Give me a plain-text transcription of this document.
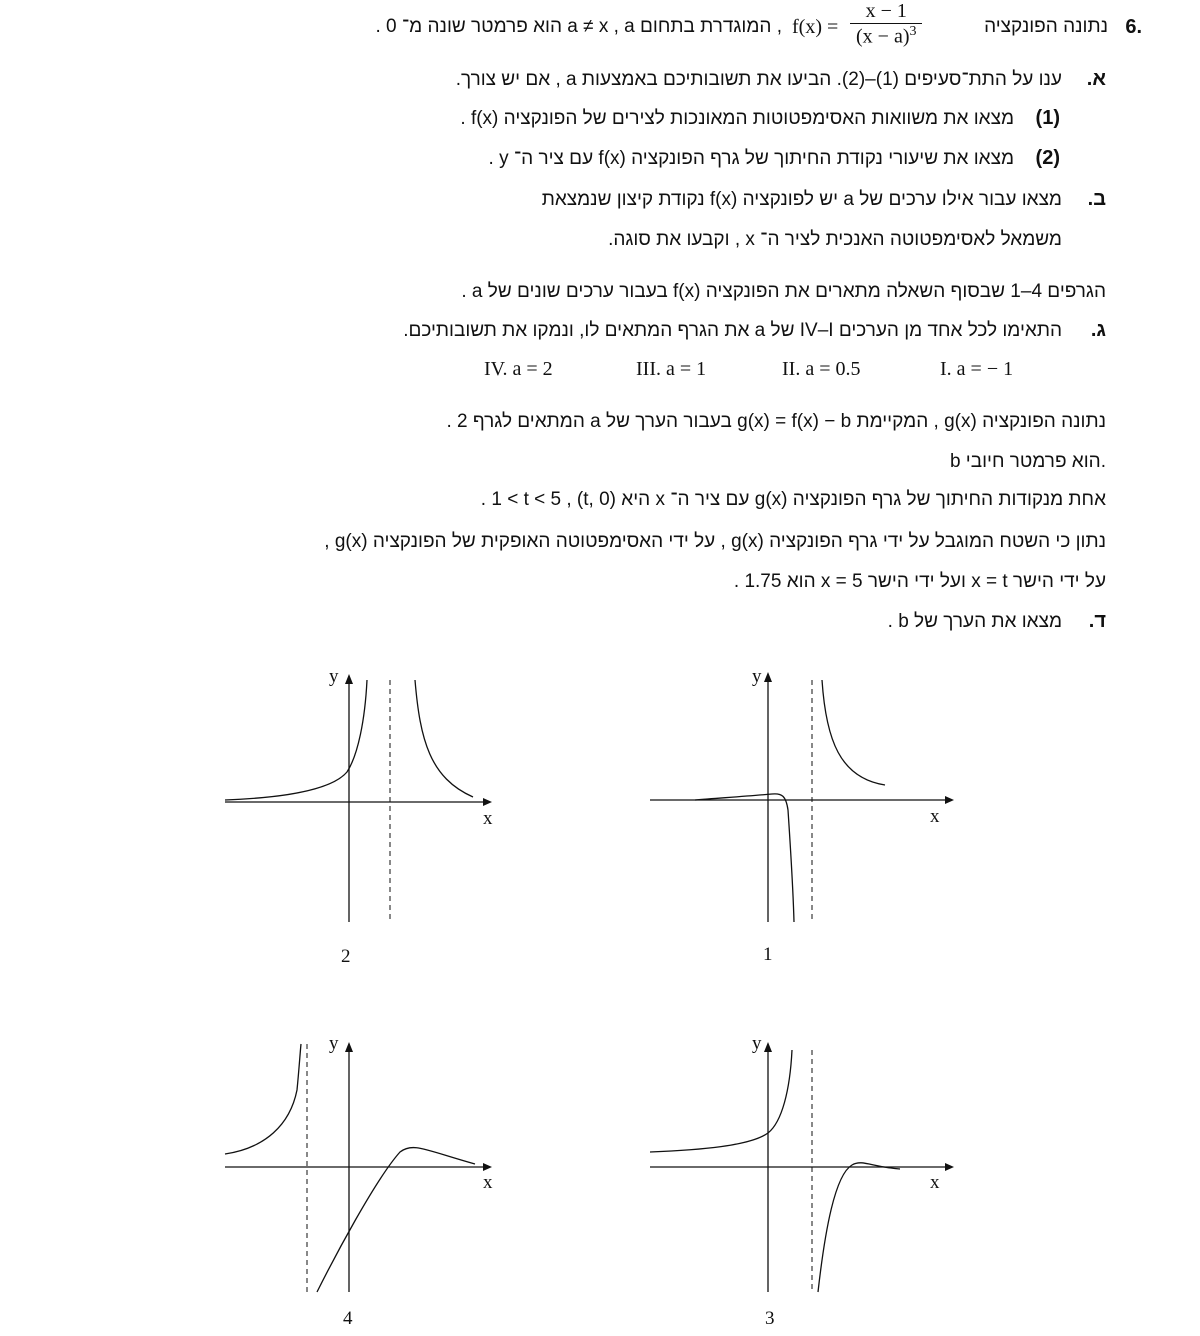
.6
נתונה הפונקציה
$\frac{x - 1}{(x - a)^3}$
f(x) =
, המוגדרת בתחום a ≠ x , a הוא פרמטר שונה מ־ 0 .
א.
ענו על התת־סעיפים (1)–(2). הביעו את תשובותיכם באמצעות a , אם יש צורך.
(1)
מצאו את משוואות האסימפטוטות המאונכות לצירים של הפונקציה f(x) .
(2)
מצאו את שיעורי נקודת החיתוך של גרף הפונקציה f(x) עם ציר ה־ y .
ב.
מצאו עבור אילו ערכים של a יש לפונקציה f(x) נקודת קיצון שנמצאת
משמאל לאסימפטוטה האנכית לציר ה־ x , וקבעו את סוגה.
הגרפים 4–1 שבסוף השאלה מתארים את הפונקציה f(x) בעבור ערכים שונים של a .
ג.
התאימו לכל אחד מן הערכים IV–I של a את הגרף המתאים לו, ונמקו את תשובותיכם.
I. a = − 1
II. a = 0.5
III. a = 1
IV. a = 2
נתונה הפונקציה g(x) , המקיימת g(x) = f(x) − b בעבור הערך של a המתאים לגרף 2 .
b הוא פרמטר חיובי.
אחת מנקודות החיתוך של גרף הפונקציה g(x) עם ציר ה־ x היא (t, 0) , 1 < t < 5 .
נתון כי השטח המוגבל על ידי גרף הפונקציה g(x) , על ידי האסימפטוטה האופקית של הפונקציה g(x) ,
על ידי הישר x = t ועל ידי הישר x = 5 הוא 1.75 .
ד.
מצאו את הערך של b .
y
x
1
y
x
2
y
x
3
y
x
4
